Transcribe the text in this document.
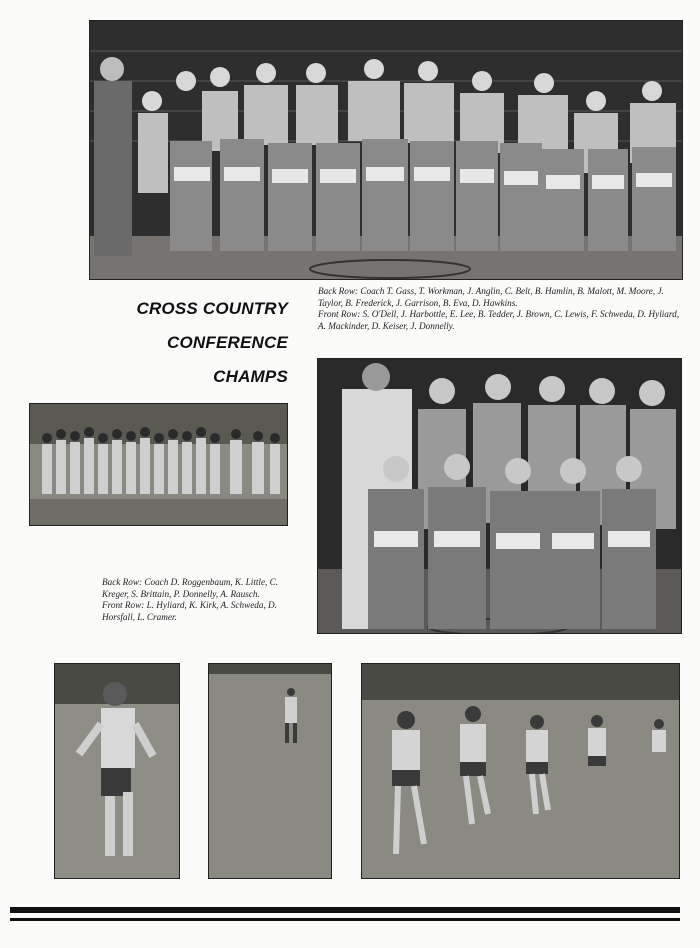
Back Row: Coach T. Gass, T. Workman, J. Anglin, C. Belt, B. Hamlin, B. Malott, M. Moore, J. Taylor, B. Frederick, J. Garrison, B. Eva, D. Hawkins.

Front Row: S. O'Dell, J. Harbottle, E. Lee, B. Tedder, J. Brown, C. Lewis, F. Schweda, D. Hyliard, A. Mackinder, D. Keiser, J. Donnelly.

CROSS COUNTRY
CONFERENCE
CHAMPS

Back Row: Coach D. Roggenbaum, K. Little, C. Kreger, S. Brittain, P. Donnelly, A. Rausch.

Front Row: L. Hyliard, K. Kirk, A. Schweda, D. Horsfall, L. Cramer.
